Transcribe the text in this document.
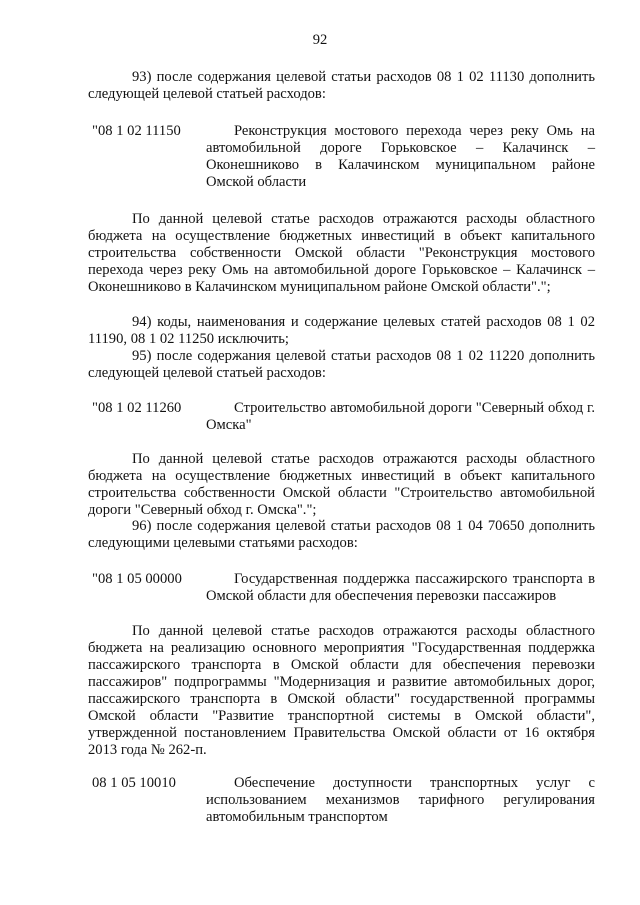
92
93) после содержания целевой статьи расходов 08 1 02 11130 дополнить следующей целевой статьей расходов:
"08 1 02 11150	Реконструкция мостового перехода через реку Омь на автомобильной дороге Горьковское – Калачинск – Оконешниково в Калачинском муниципальном районе Омской области
По данной целевой статье расходов отражаются расходы областного бюджета на осуществление бюджетных инвестиций в объект капитального строительства собственности Омской области "Реконструкция мостового перехода через реку Омь на автомобильной дороге Горьковское – Калачинск – Оконешниково в Калачинском муниципальном районе Омской области".";
94) коды, наименования и содержание целевых статей расходов 08 1 02 11190, 08 1 02 11250 исключить;
95) после содержания целевой статьи расходов 08 1 02 11220 дополнить следующей целевой статьей расходов:
"08 1 02 11260	Строительство автомобильной дороги "Северный обход г. Омска"
По данной целевой статье расходов отражаются расходы областного бюджета на осуществление бюджетных инвестиций в объект капитального строительства собственности Омской области "Строительство автомобильной дороги "Северный обход г. Омска".";
96) после содержания целевой статьи расходов 08 1 04 70650 дополнить следующими целевыми статьями расходов:
"08 1 05 00000	Государственная поддержка пассажирского транспорта в Омской области для обеспечения перевозки пассажиров
По данной целевой статье расходов отражаются расходы областного бюджета на реализацию основного мероприятия "Государственная поддержка пассажирского транспорта в Омской области для обеспечения перевозки пассажиров" подпрограммы "Модернизация и развитие автомобильных дорог, пассажирского транспорта в Омской области" государственной программы Омской области "Развитие транспортной системы в Омской области", утвержденной постановлением Правительства Омской области от 16 октября 2013 года № 262-п.
08 1 05 10010	Обеспечение доступности транспортных услуг с использованием механизмов тарифного регулирования автомобильным транспортом
